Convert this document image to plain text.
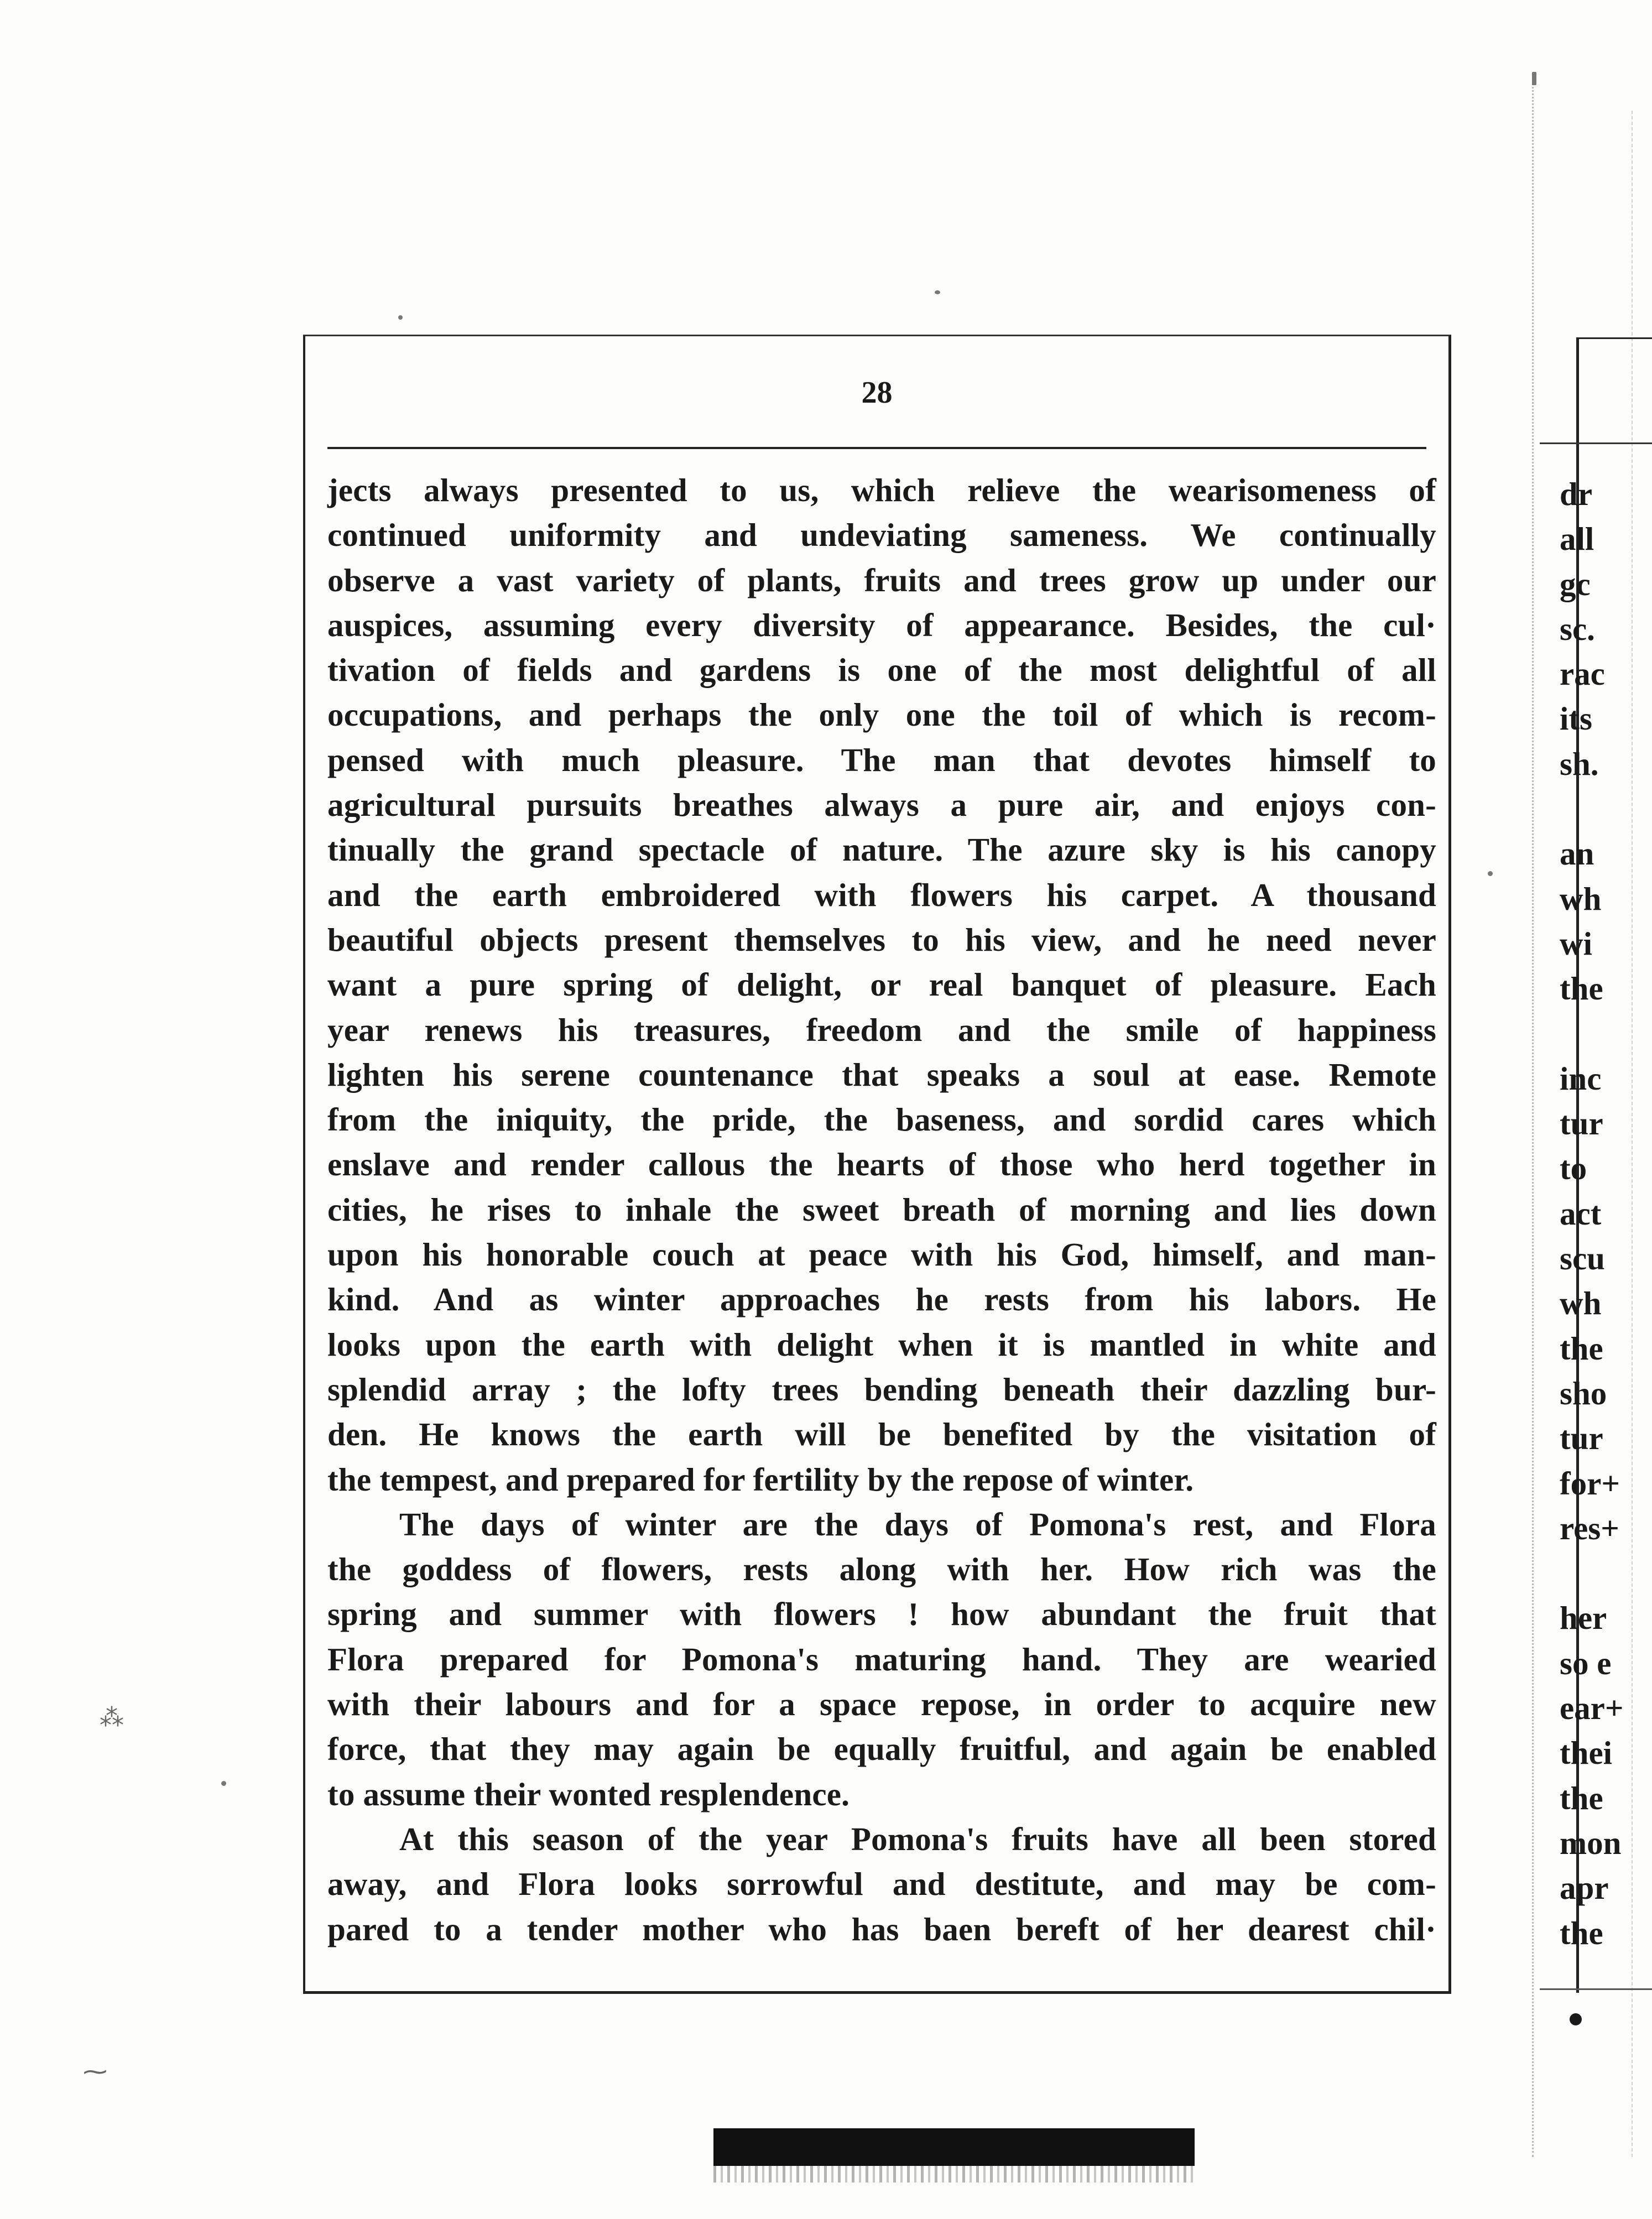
28
jects always presented to us, which relieve the wearisomeness of
continued uniformity and undeviating sameness. We continually
observe a vast variety of plants, fruits and trees grow up under our
auspices, assuming every diversity of appearance. Besides, the cul·
tivation of fields and gardens is one of the most delightful of all
occupations, and perhaps the only one the toil of which is recom-
pensed with much pleasure. The man that devotes himself to
agricultural pursuits breathes always a pure air, and enjoys con-
tinually the grand spectacle of nature. The azure sky is his canopy
and the earth embroidered with flowers his carpet. A thousand
beautiful objects present themselves to his view, and he need never
want a pure spring of delight, or real banquet of pleasure. Each
year renews his treasures, freedom and the smile of happiness
lighten his serene countenance that speaks a soul at ease. Remote
from the iniquity, the pride, the baseness, and sordid cares which
enslave and render callous the hearts of those who herd together in
cities, he rises to inhale the sweet breath of morning and lies down
upon his honorable couch at peace with his God, himself, and man-
kind. And as winter approaches he rests from his labors. He
looks upon the earth with delight when it is mantled in white and
splendid array ; the lofty trees bending beneath their dazzling bur-
den. He knows the earth will be benefited by the visitation of
the tempest, and prepared for fertility by the repose of winter.
The days of winter are the days of Pomona's rest, and Flora
the goddess of flowers, rests along with her. How rich was the
spring and summer with flowers ! how abundant the fruit that
Flora prepared for Pomona's maturing hand. They are wearied
with their labours and for a space repose, in order to acquire new
force, that they may again be equally fruitful, and again be enabled
to assume their wonted resplendence.
At this season of the year Pomona's fruits have all been stored
away, and Flora looks sorrowful and destitute, and may be com-
pared to a tender mother who has baen bereft of her dearest chil·
dr
all
gc
sc.
rac
its
sh.
an
wh
wi
the
inc
tur
to
act
scu
wh
the
sho
tur
for+
res+
her
so e
ear+
thei
the
mon
apr
the
⁂
⁓
